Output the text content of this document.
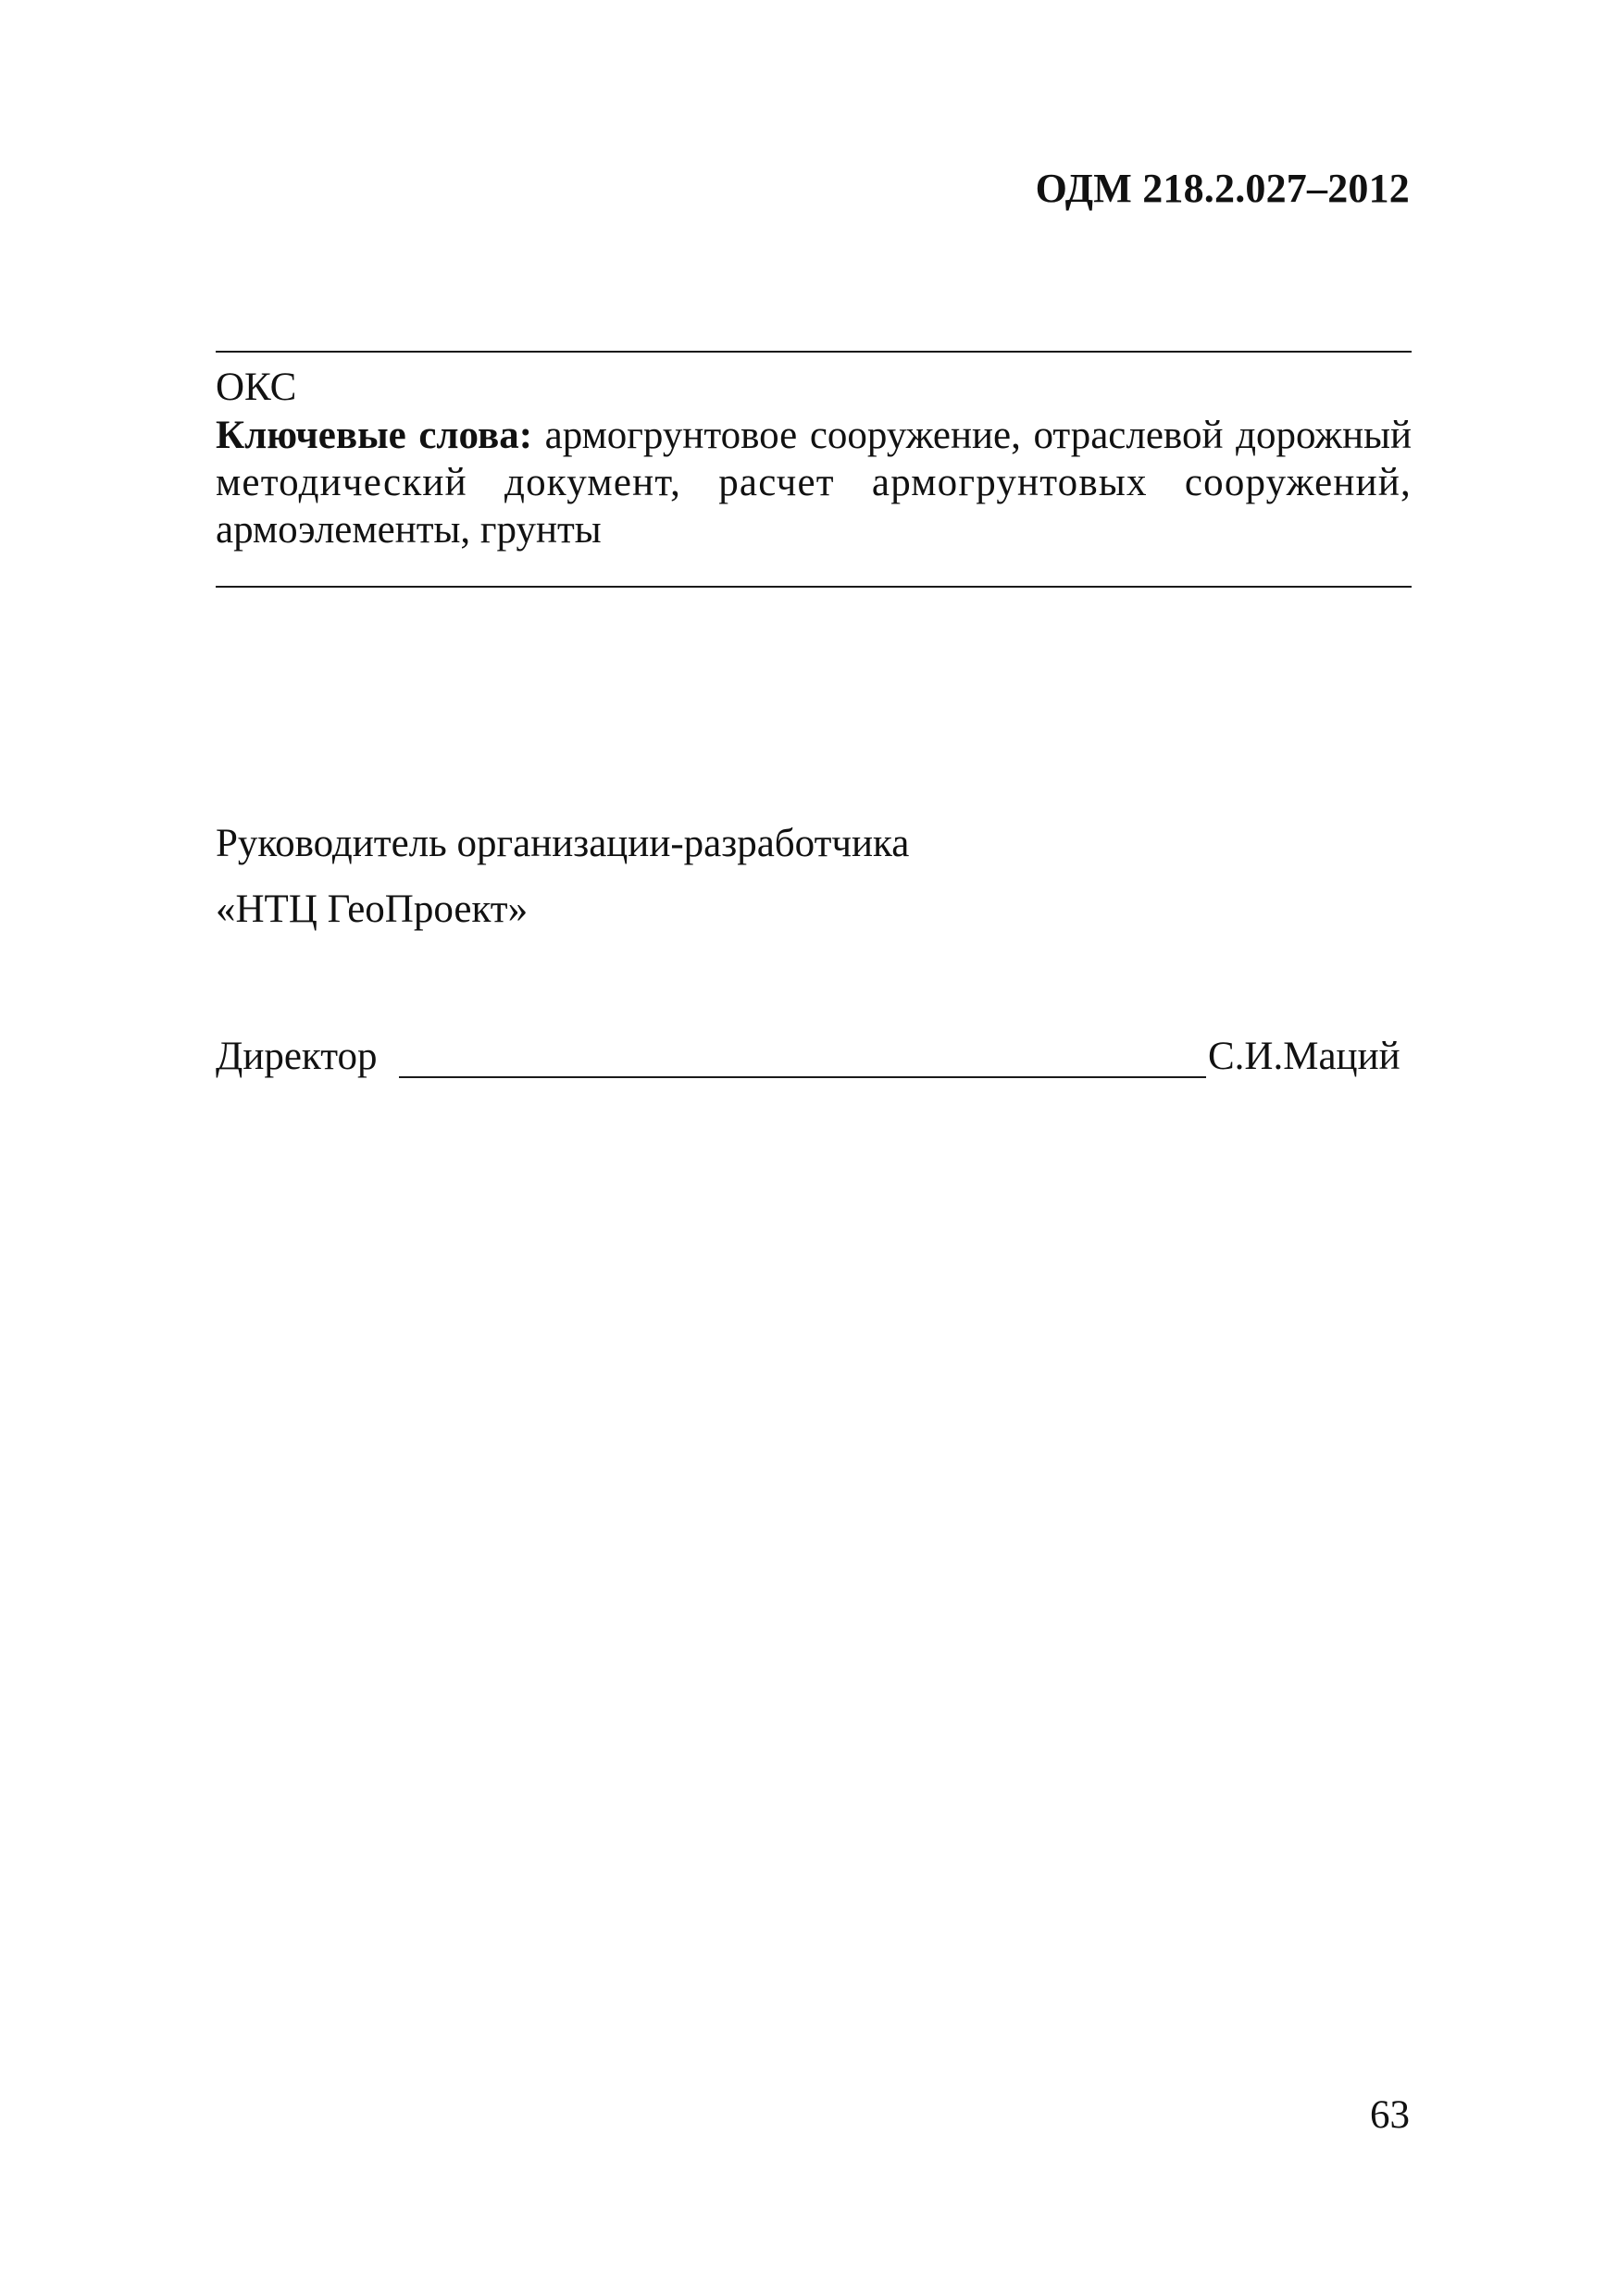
ОДМ 218.2.027–2012
ОКС
Ключевые слова: армогрунтовое сооружение, отраслевой дорожный
методический документ, расчет армогрунтовых сооружений,
армоэлементы, грунты
Руководитель организации-разработчика
«НТЦ ГеоПроект»
Директор	С.И.Маций
63
